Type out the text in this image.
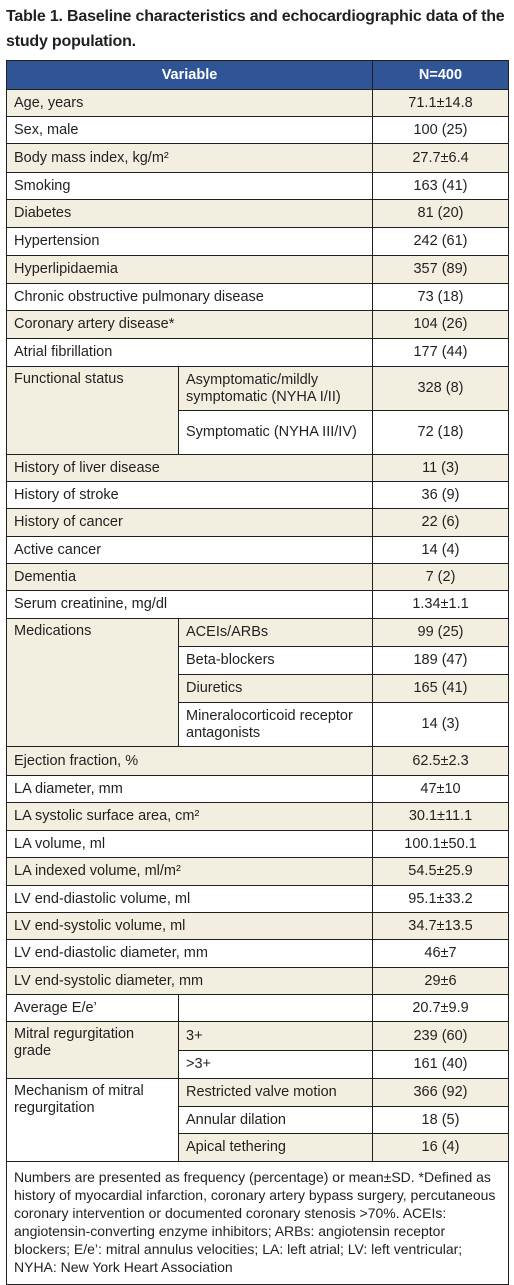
Table 1. Baseline characteristics and echocardiographic data of the study population.
Variable		N=400
Age, years		71.1±14.8
Sex, male		100 (25)
Body mass index, kg/m²		27.7±6.4
Smoking		163 (41)
Diabetes		81 (20)
Hypertension		242 (61)
Hyperlipidaemia		357 (89)
Chronic obstructive pulmonary disease		73 (18)
Coronary artery disease*		104 (26)
Atrial fibrillation		177 (44)
Functional status	Asymptomatic/mildly symptomatic (NYHA I/II)	328 (8)
	Symptomatic (NYHA III/IV)	72 (18)
History of liver disease		11 (3)
History of stroke		36 (9)
History of cancer		22 (6)
Active cancer		14 (4)
Dementia		7 (2)
Serum creatinine, mg/dl		1.34±1.1
Medications	ACEIs/ARBs	99 (25)
	Beta-blockers	189 (47)
	Diuretics	165 (41)
	Mineralocorticoid receptor antagonists	14 (3)
Ejection fraction, %		62.5±2.3
LA diameter, mm		47±10
LA systolic surface area, cm²		30.1±11.1
LA volume, ml		100.1±50.1
LA indexed volume, ml/m²		54.5±25.9
LV end-diastolic volume, ml		95.1±33.2
LV end-systolic volume, ml		34.7±13.5
LV end-diastolic diameter, mm		46±7
LV end-systolic diameter, mm		29±6
Average E/e’		20.7±9.9
Mitral regurgitation grade	3+	239 (60)
	>3+	161 (40)
Mechanism of mitral regurgitation	Restricted valve motion	366 (92)
	Annular dilation	18 (5)
	Apical tethering	16 (4)
Numbers are presented as frequency (percentage) or mean±SD. *Defined as history of myocardial infarction, coronary artery bypass surgery, percutaneous coronary intervention or documented coronary stenosis >70%. ACEIs: angiotensin-converting enzyme inhibitors; ARBs: angiotensin receptor blockers; E/e’: mitral annulus velocities; LA: left atrial; LV: left ventricular; NYHA: New York Heart Association		
